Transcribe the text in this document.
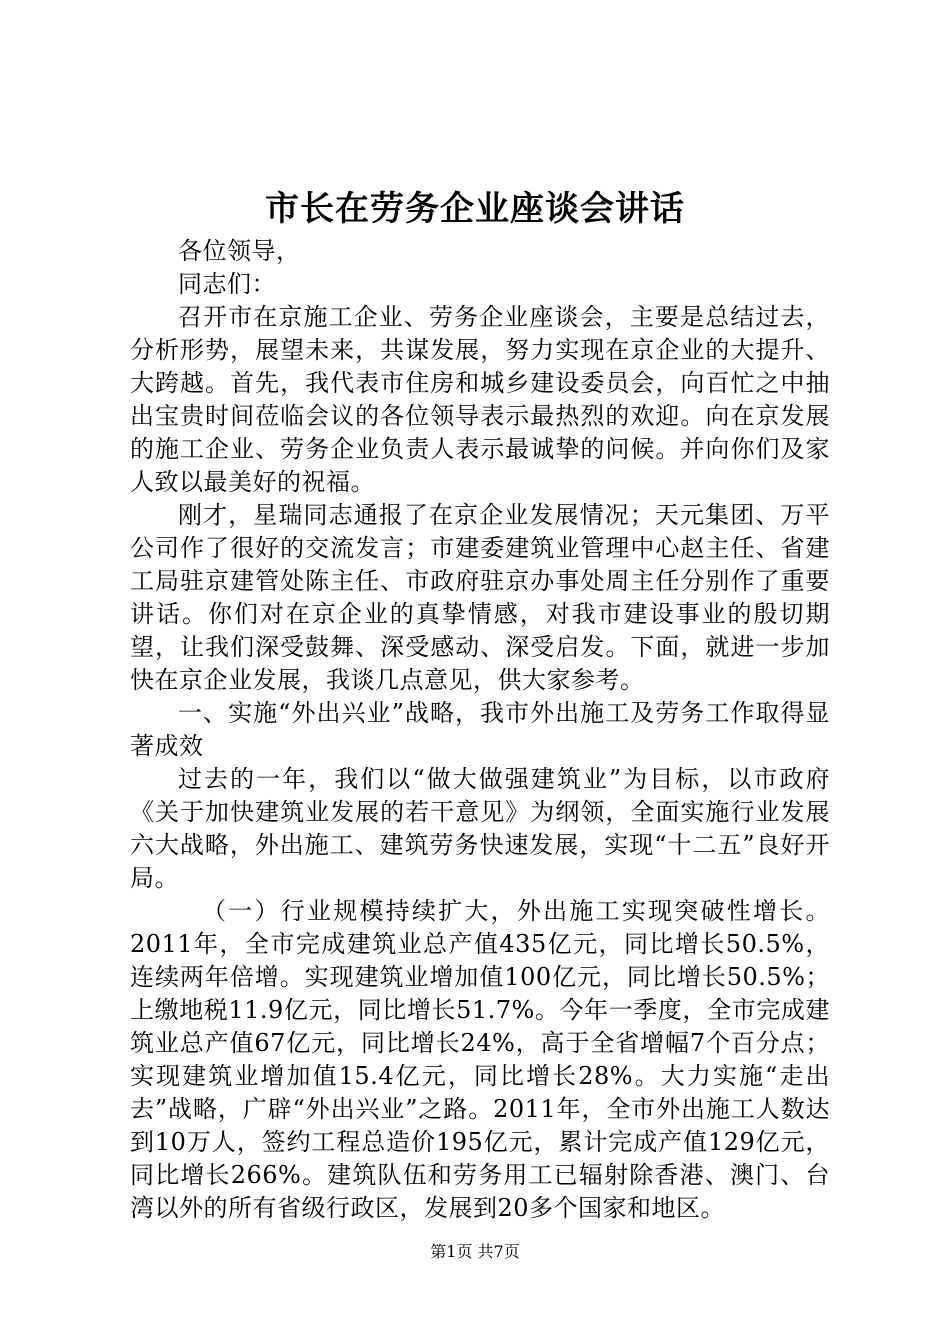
市长在劳务企业座谈会讲话

各位领导，

同志们：

召开市在京施工企业、劳务企业座谈会，主要是总结过去，分析形势，展望未来，共谋发展，努力实现在京企业的大提升、大跨越。首先，我代表市住房和城乡建设委员会，向百忙之中抽出宝贵时间莅临会议的各位领导表示最热烈的欢迎。向在京发展的施工企业、劳务企业负责人表示最诚挚的问候。并向你们及家人致以最美好的祝福。

刚才，星瑞同志通报了在京企业发展情况；天元集团、万平公司作了很好的交流发言；市建委建筑业管理中心赵主任、省建工局驻京建管处陈主任、市政府驻京办事处周主任分别作了重要讲话。你们对在京企业的真挚情感，对我市建设事业的殷切期望，让我们深受鼓舞、深受感动、深受启发。下面，就进一步加快在京企业发展，我谈几点意见，供大家参考。

一、实施“外出兴业”战略，我市外出施工及劳务工作取得显著成效

过去的一年，我们以“做大做强建筑业”为目标，以市政府《关于加快建筑业发展的若干意见》为纲领，全面实施行业发展六大战略，外出施工、建筑劳务快速发展，实现“十二五”良好开局。

（一）行业规模持续扩大，外出施工实现突破性增长。2011年，全市完成建筑业总产值435亿元，同比增长50.5%，连续两年倍增。实现建筑业增加值100亿元，同比增长50.5%；上缴地税11.9亿元，同比增长51.7%。今年一季度，全市完成建筑业总产值67亿元，同比增长24%，高于全省增幅7个百分点；实现建筑业增加值15.4亿元，同比增长28%。大力实施“走出去”战略，广辟“外出兴业”之路。2011年，全市外出施工人数达到10万人，签约工程总造价195亿元，累计完成产值129亿元，同比增长266%。建筑队伍和劳务用工已辐射除香港、澳门、台湾以外的所有省级行政区，发展到20多个国家和地区。

第1页 共7页
